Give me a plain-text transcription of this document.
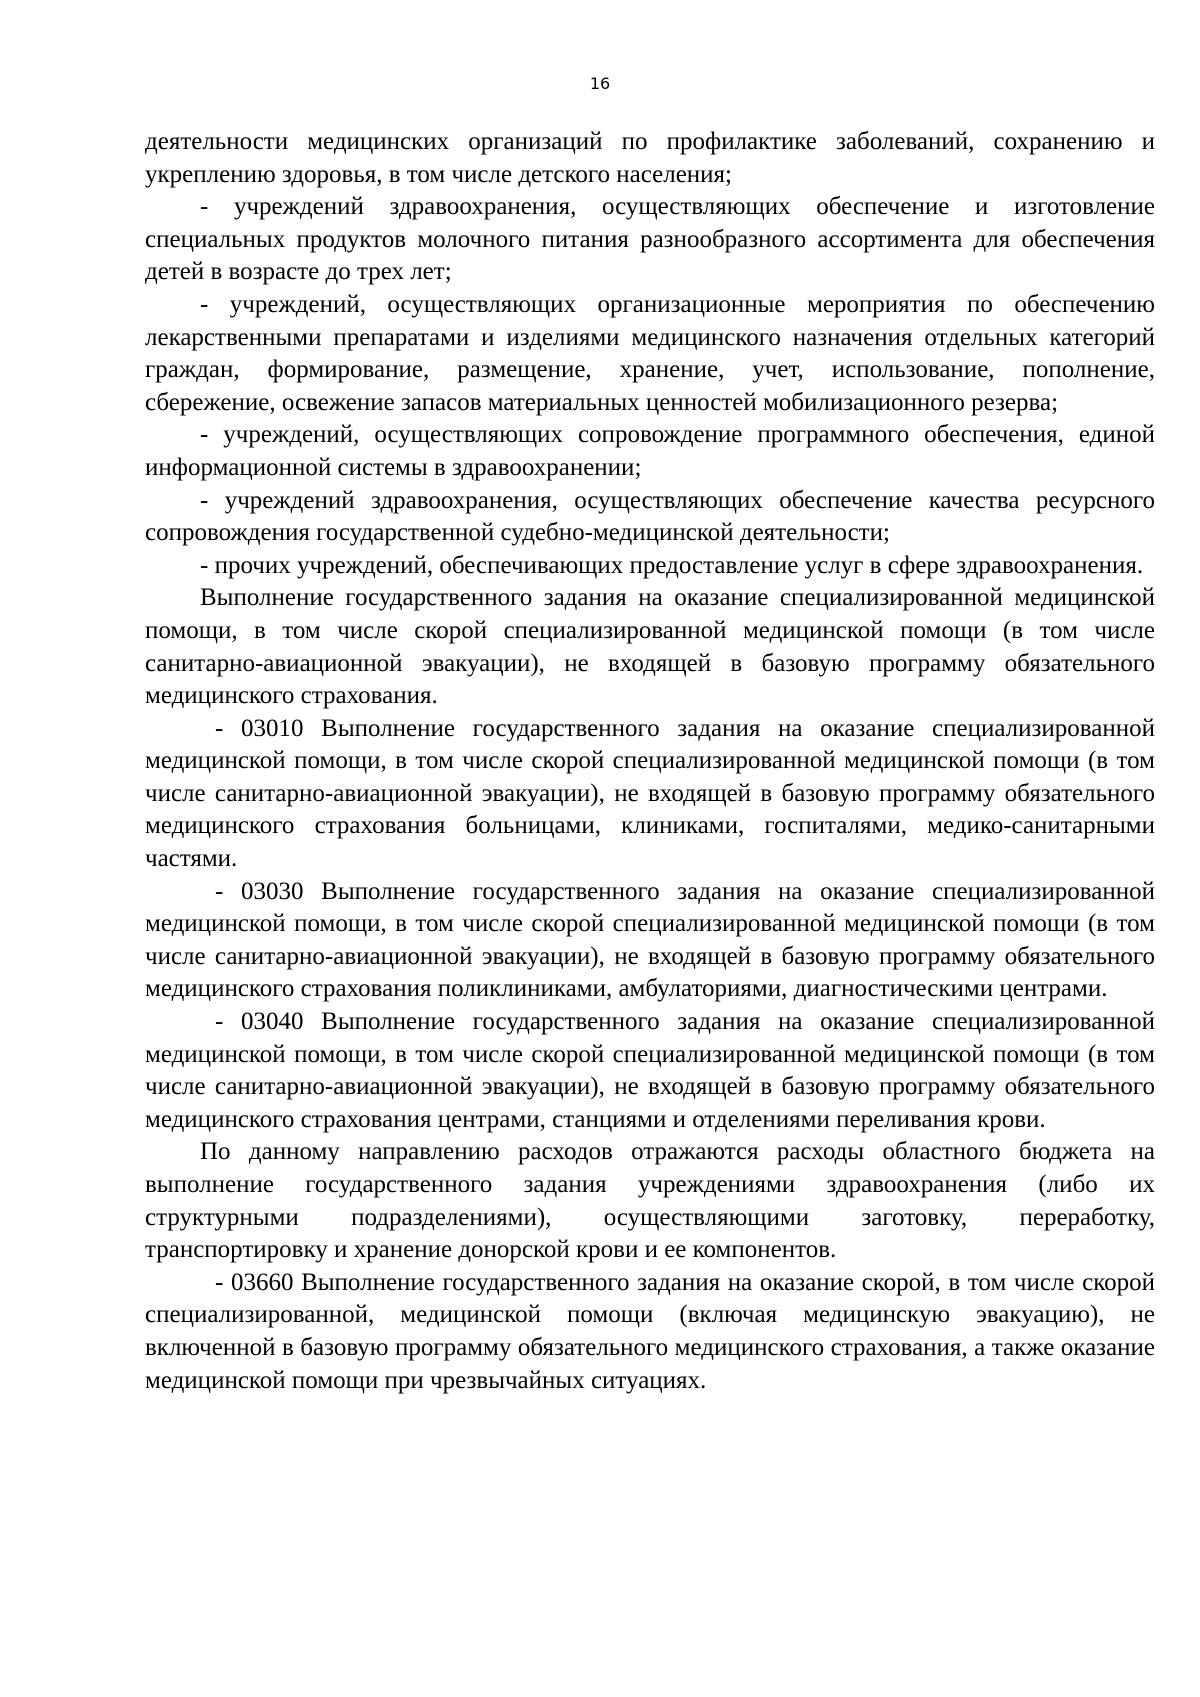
16

деятельности медицинских организаций по профилактике заболеваний, сохранению и укреплению здоровья, в том числе детского населения;

- учреждений здравоохранения, осуществляющих обеспечение и изготовление специальных продуктов молочного питания разнообразного ассортимента для обеспечения детей в возрасте до трех лет;

- учреждений, осуществляющих организационные мероприятия по обеспечению лекарственными препаратами и изделиями медицинского назначения отдельных категорий граждан, формирование, размещение, хранение, учет, использование, пополнение, сбережение, освежение запасов материальных ценностей мобилизационного резерва;

- учреждений, осуществляющих сопровождение программного обеспечения, единой информационной системы в здравоохранении;

- учреждений здравоохранения, осуществляющих обеспечение качества ресурсного сопровождения государственной судебно-медицинской деятельности;

- прочих учреждений, обеспечивающих предоставление услуг в сфере здравоохранения.

Выполнение государственного задания на оказание специализированной медицинской помощи, в том числе скорой специализированной медицинской помощи (в том числе санитарно-авиационной эвакуации), не входящей в базовую программу обязательного медицинского страхования.

- 03010 Выполнение государственного задания на оказание специализированной медицинской помощи, в том числе скорой специализированной медицинской помощи (в том числе санитарно-авиационной эвакуации), не входящей в базовую программу обязательного медицинского страхования больницами, клиниками, госпиталями, медико-санитарными частями.

- 03030 Выполнение государственного задания на оказание специализированной медицинской помощи, в том числе скорой специализированной медицинской помощи (в том числе санитарно-авиационной эвакуации), не входящей в базовую программу обязательного медицинского страхования поликлиниками, амбулаториями, диагностическими центрами.

- 03040 Выполнение государственного задания на оказание специализированной медицинской помощи, в том числе скорой специализированной медицинской помощи (в том числе санитарно-авиационной эвакуации), не входящей в базовую программу обязательного медицинского страхования центрами, станциями и отделениями переливания крови.

По данному направлению расходов отражаются расходы областного бюджета на выполнение государственного задания учреждениями здравоохранения (либо их структурными подразделениями), осуществляющими заготовку, переработку, транспортировку и хранение донорской крови и ее компонентов.

- 03660 Выполнение государственного задания на оказание скорой, в том числе скорой специализированной, медицинской помощи (включая медицинскую эвакуацию), не включенной в базовую программу обязательного медицинского страхования, а также оказание медицинской помощи при чрезвычайных ситуациях.
